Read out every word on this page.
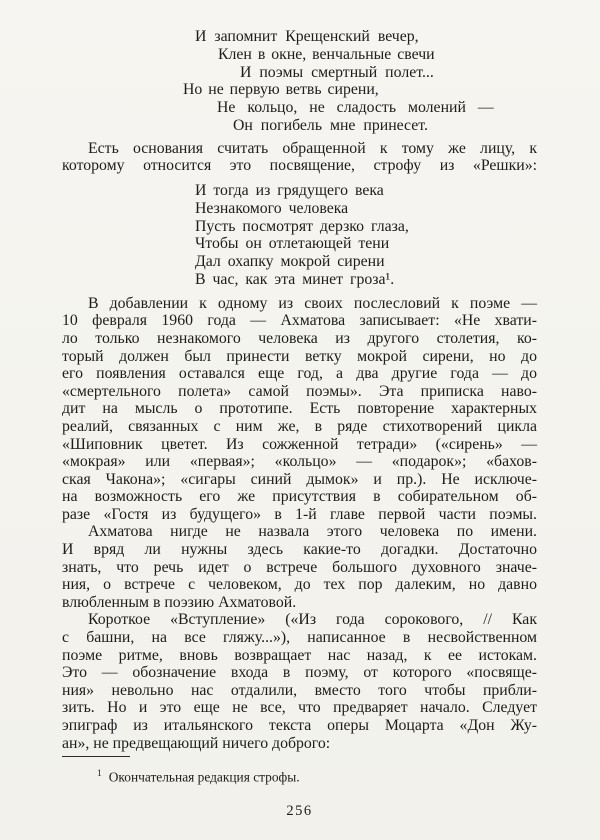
И запомнит Крещенский вечер,
Клен в окне, венчальные свечи
И поэмы смертный полет...
Но не первую ветвь сирени,
Не кольцо, не сладость молений —
Он погибель мне принесет.
Есть основания считать обращенной к тому же лицу, к
которому относится это посвящение, строфу из «Решки»:
И тогда из грядущего века
Незнакомого человека
Пусть посмотрят дерзко глаза,
Чтобы он отлетающей тени
Дал охапку мокрой сирени
В час, как эта минет гроза¹.
В добавлении к одному из своих послесловий к поэме —
10 февраля 1960 года — Ахматова записывает: «Не хвати-
ло только незнакомого человека из другого столетия, ко-
торый должен был принести ветку мокрой сирени, но до
его появления оставался еще год, а два другие года — до
«смертельного полета» самой поэмы». Эта приписка наво-
дит на мысль о прототипе. Есть повторение характерных
реалий, связанных с ним же, в ряде стихотворений цикла
«Шиповник цветет. Из сожженной тетради» («сирень» —
«мокрая» или «первая»; «кольцо» — «подарок»; «бахов-
ская Чакона»; «сигары синий дымок» и пр.). Не исключе-
на возможность его же присутствия в собирательном об-
разе «Гостя из будущего» в 1-й главе первой части поэмы.
Ахматова нигде не назвала этого человека по имени.
И вряд ли нужны здесь какие-то догадки. Достаточно
знать, что речь идет о встрече большого духовного значе-
ния, о встрече с человеком, до тех пор далеким, но давно
влюбленным в поэзию Ахматовой.
Короткое «Вступление» («Из года сорокового, // Как
с башни, на все гляжу...»), написанное в несвойственном
поэме ритме, вновь возвращает нас назад, к ее истокам.
Это — обозначение входа в поэму, от которого «посвяще-
ния» невольно нас отдалили, вместо того чтобы прибли-
зить. Но и это еще не все, что предваряет начало. Следует
эпиграф из итальянского текста оперы Моцарта «Дон Жу-
ан», не предвещающий ничего доброго:
$^1$ Окончательная редакция строфы.
256
